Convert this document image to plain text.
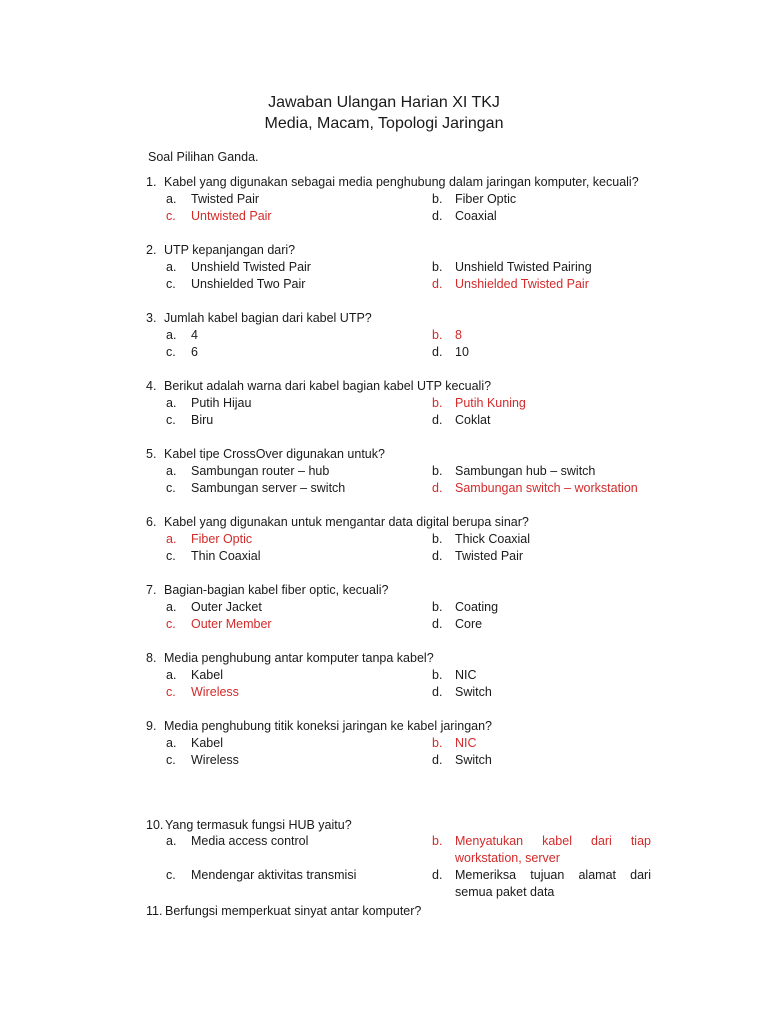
Jawaban Ulangan Harian XI TKJ
Media, Macam, Topologi Jaringan
Soal Pilihan Ganda.
1. Kabel yang digunakan sebagai media penghubung dalam jaringan komputer, kecuali?
a. Twisted Pair	b. Fiber Optic
c. Untwisted Pair	d. Coaxial
2. UTP kepanjangan dari?
a. Unshield Twisted Pair	b. Unshield Twisted Pairing
c. Unshielded Two Pair	d. Unshielded Twisted Pair
3. Jumlah kabel bagian dari kabel UTP?
a. 4	b. 8
c. 6	d. 10
4. Berikut adalah warna dari kabel bagian kabel UTP kecuali?
a. Putih Hijau	b. Putih Kuning
c. Biru	d. Coklat
5. Kabel tipe CrossOver digunakan untuk?
a. Sambungan router – hub	b. Sambungan hub – switch
c. Sambungan server – switch	d. Sambungan switch – workstation
6. Kabel yang digunakan untuk mengantar data digital berupa sinar?
a. Fiber Optic	b. Thick Coaxial
c. Thin Coaxial	d. Twisted Pair
7. Bagian-bagian kabel fiber optic, kecuali?
a. Outer Jacket	b. Coating
c. Outer Member	d. Core
8. Media penghubung antar komputer tanpa kabel?
a. Kabel	b. NIC
c. Wireless	d. Switch
9. Media penghubung titik koneksi jaringan ke kabel jaringan?
a. Kabel	b. NIC
c. Wireless	d. Switch
10. Yang termasuk fungsi HUB yaitu?
a. Media access control	b. Menyatukan kabel dari tiap
workstation, server
c. Mendengar aktivitas transmisi	d. Memeriksa tujuan alamat dari
semua paket data
11. Berfungsi memperkuat sinyat antar komputer?
